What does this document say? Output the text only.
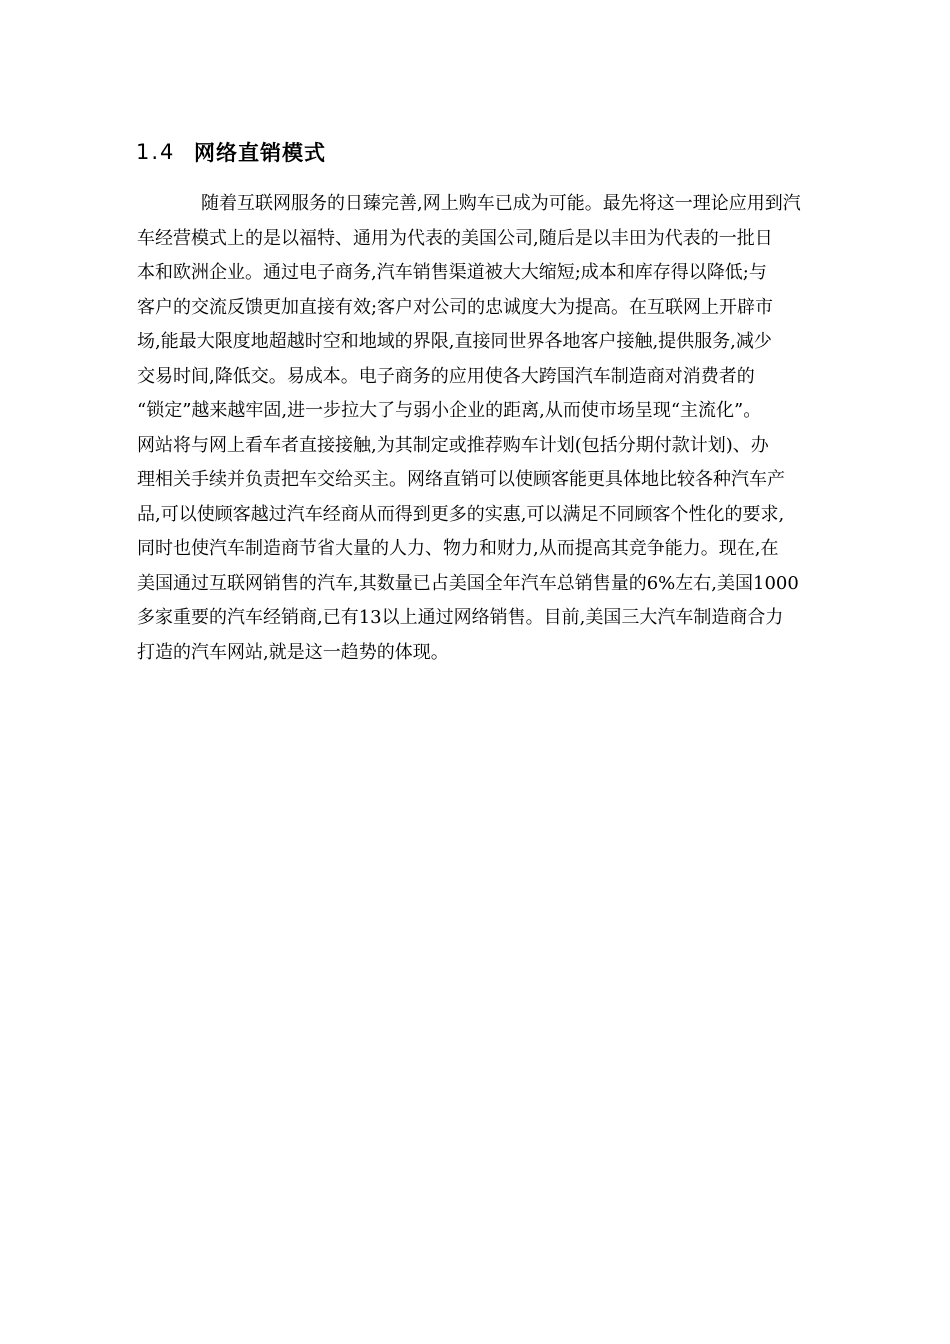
1.4 网络直销模式
随着互联网服务的日臻完善,网上购车已成为可能。最先将这一理论应用到汽
车经营模式上的是以福特、通用为代表的美国公司,随后是以丰田为代表的一批日
本和欧洲企业。通过电子商务,汽车销售渠道被大大缩短;成本和库存得以降低;与
客户的交流反馈更加直接有效;客户对公司的忠诚度大为提高。在互联网上开辟市
场,能最大限度地超越时空和地域的界限,直接同世界各地客户接触,提供服务,减少
交易时间,降低交。易成本。电子商务的应用使各大跨国汽车制造商对消费者的
“锁定”越来越牢固,进一步拉大了与弱小企业的距离,从而使市场呈现“主流化”。
网站将与网上看车者直接接触,为其制定或推荐购车计划(包括分期付款计划)、办
理相关手续并负责把车交给买主。网络直销可以使顾客能更具体地比较各种汽车产
品,可以使顾客越过汽车经商从而得到更多的实惠,可以满足不同顾客个性化的要求,
同时也使汽车制造商节省大量的人力、物力和财力,从而提高其竞争能力。现在,在
美国通过互联网销售的汽车,其数量已占美国全年汽车总销售量的6%左右,美国1000
多家重要的汽车经销商,已有13以上通过网络销售。目前,美国三大汽车制造商合力
打造的汽车网站,就是这一趋势的体现。
